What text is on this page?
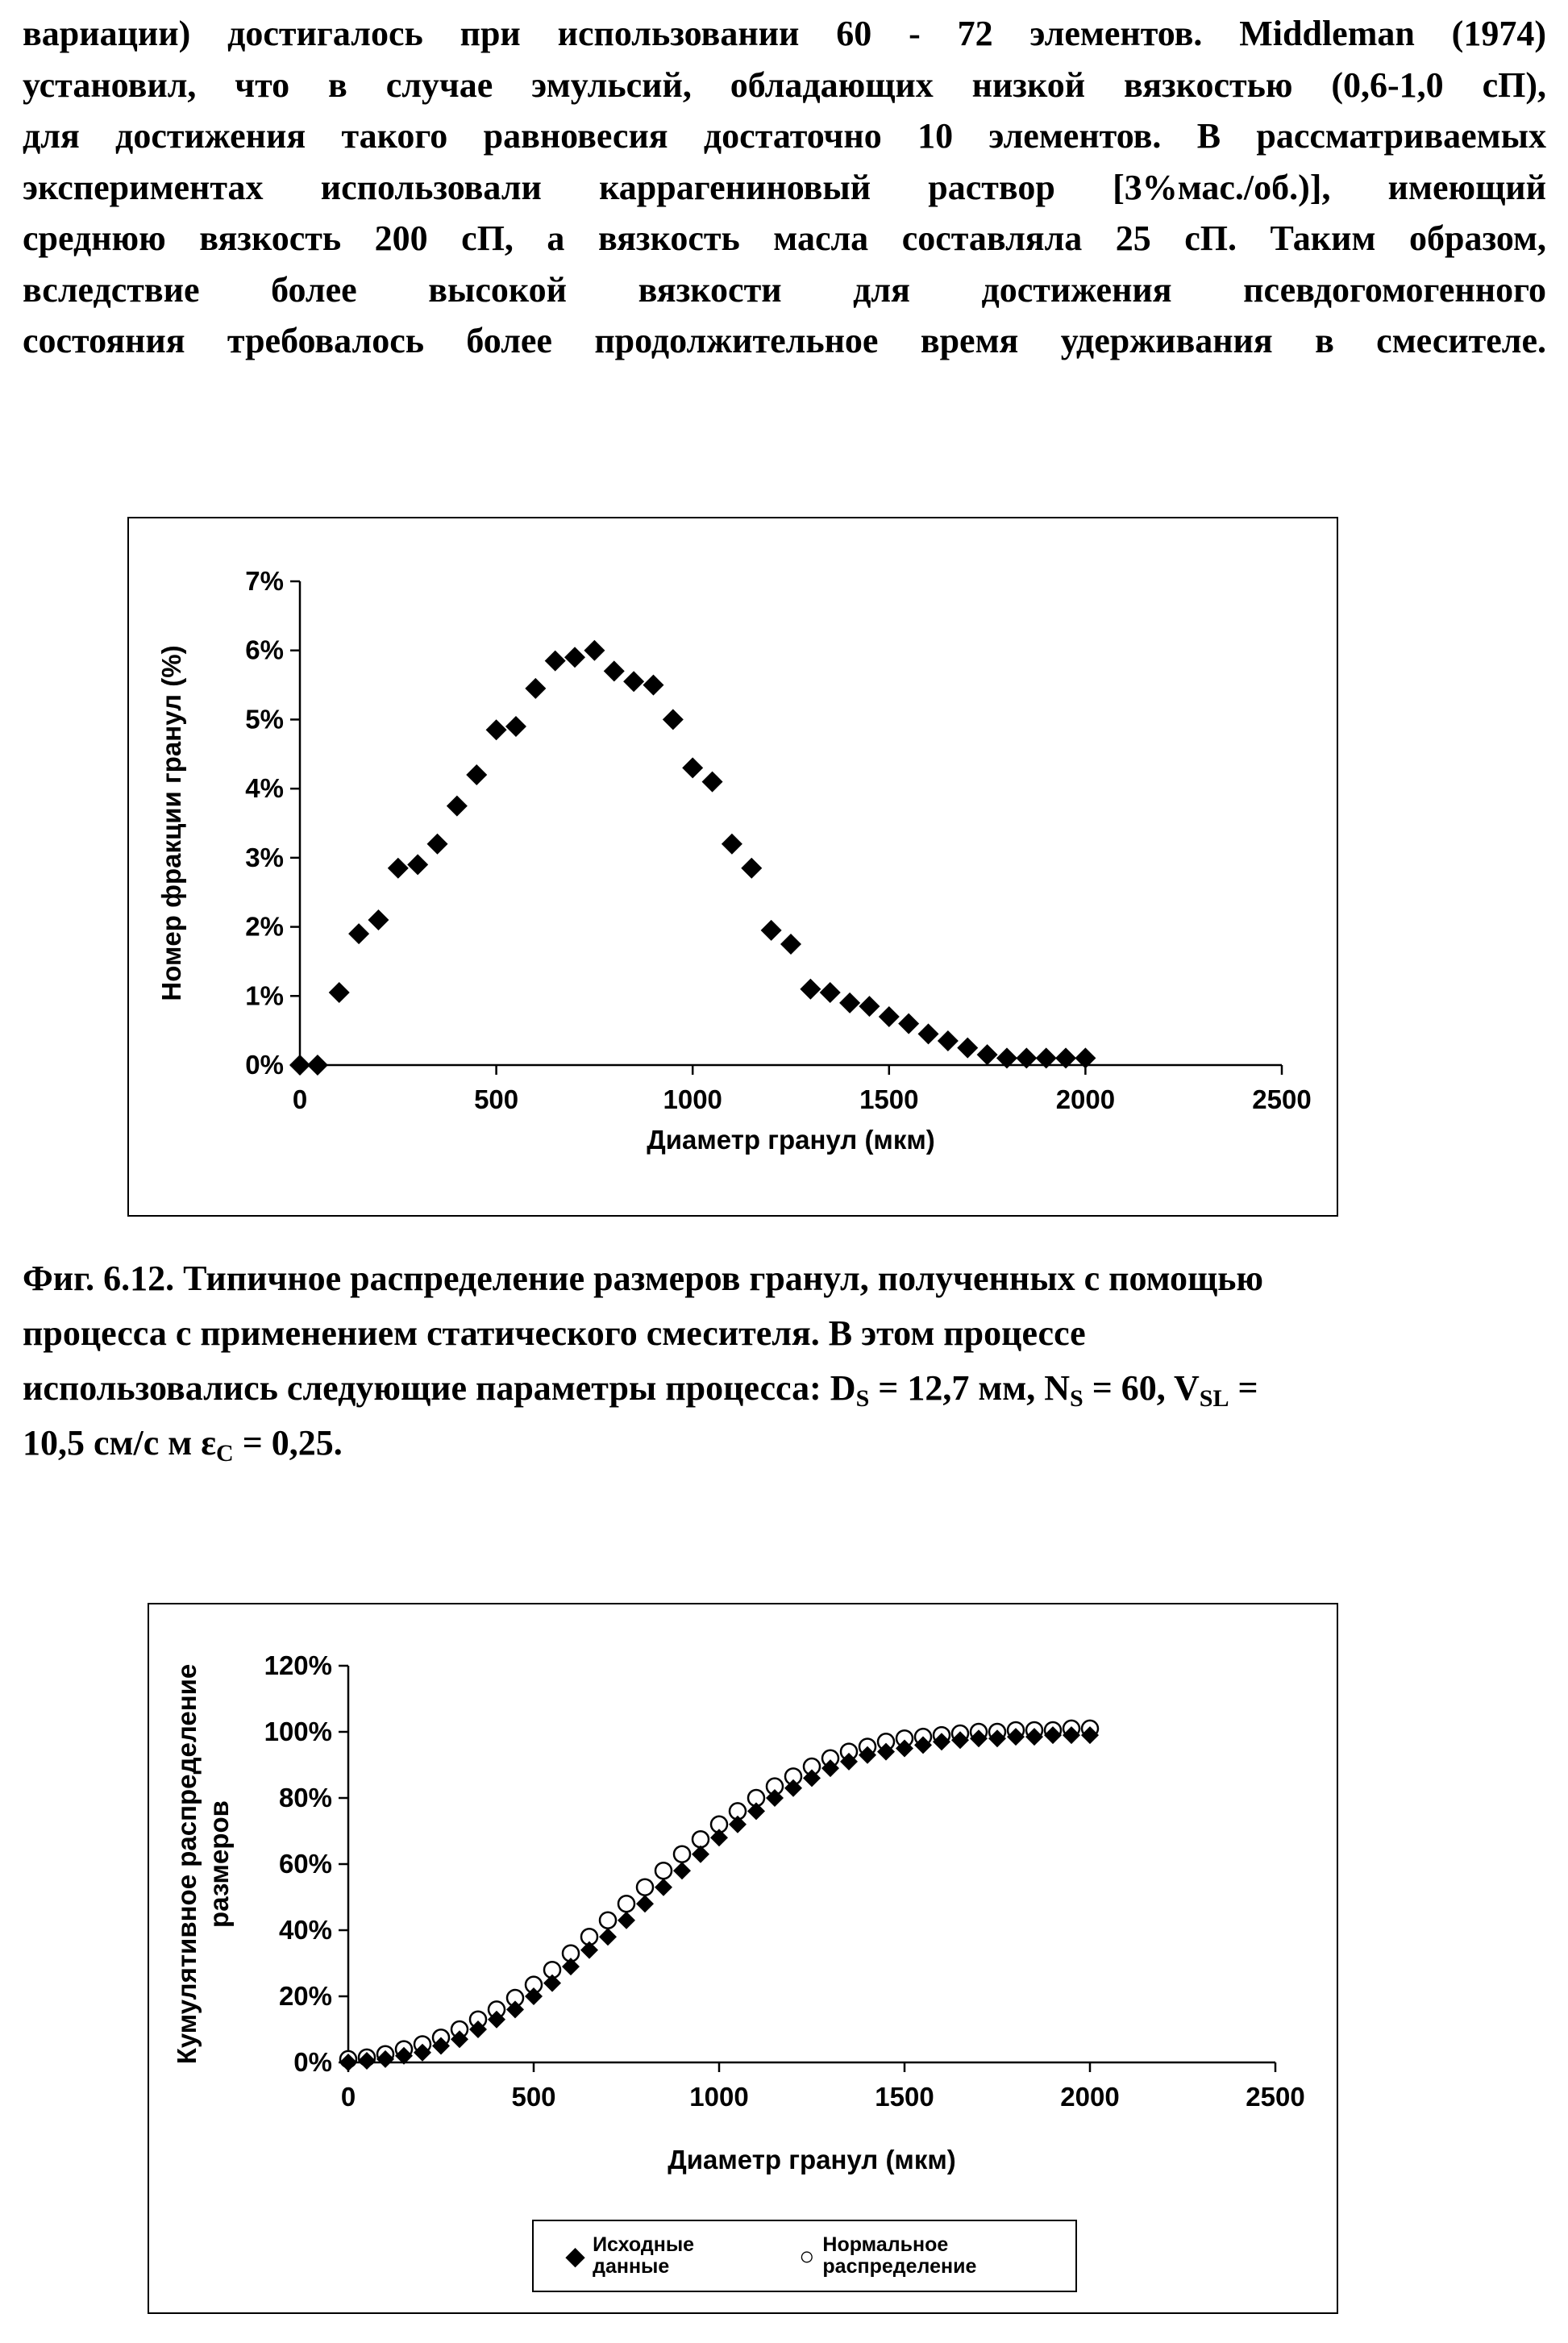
вариации) достигалось при использовании 60 - 72 элементов. Middleman (1974)
установил, что в случае эмульсий, обладающих низкой вязкостью (0,6-1,0 сП),
для достижения такого равновесия достаточно 10 элементов. В рассматриваемых
экспериментах использовали каррагениновый раствор [3%мас./об.)], имеющий
среднюю вязкость 200 сП, а вязкость масла составляла 25 сП. Таким образом,
вследствие более высокой вязкости для достижения псевдогомогенного
состояния требовалось более продолжительное время удерживания в смесителе.
0%
1%
2%
3%
4%
5%
6%
7%
0	500	1000	1500	2000	2500
Диаметр гранул (мкм)
Номер фракции гранул (%)
Фиг. 6.12. Типичное распределение размеров гранул, полученных с помощью
процесса с применением статического смесителя. В этом процессе
использовались следующие параметры процесса: DS = 12,7 мм, NS = 60, VSL =
10,5 см/с м εC = 0,25.
0%
20%
40%
60%
80%
100%
120%
0	500	1000	1500	2000	2500
Диаметр гранул (мкм)
Кумулятивное распределение размеров
◆ Исходные
данные	○ Нормальное
распределение
